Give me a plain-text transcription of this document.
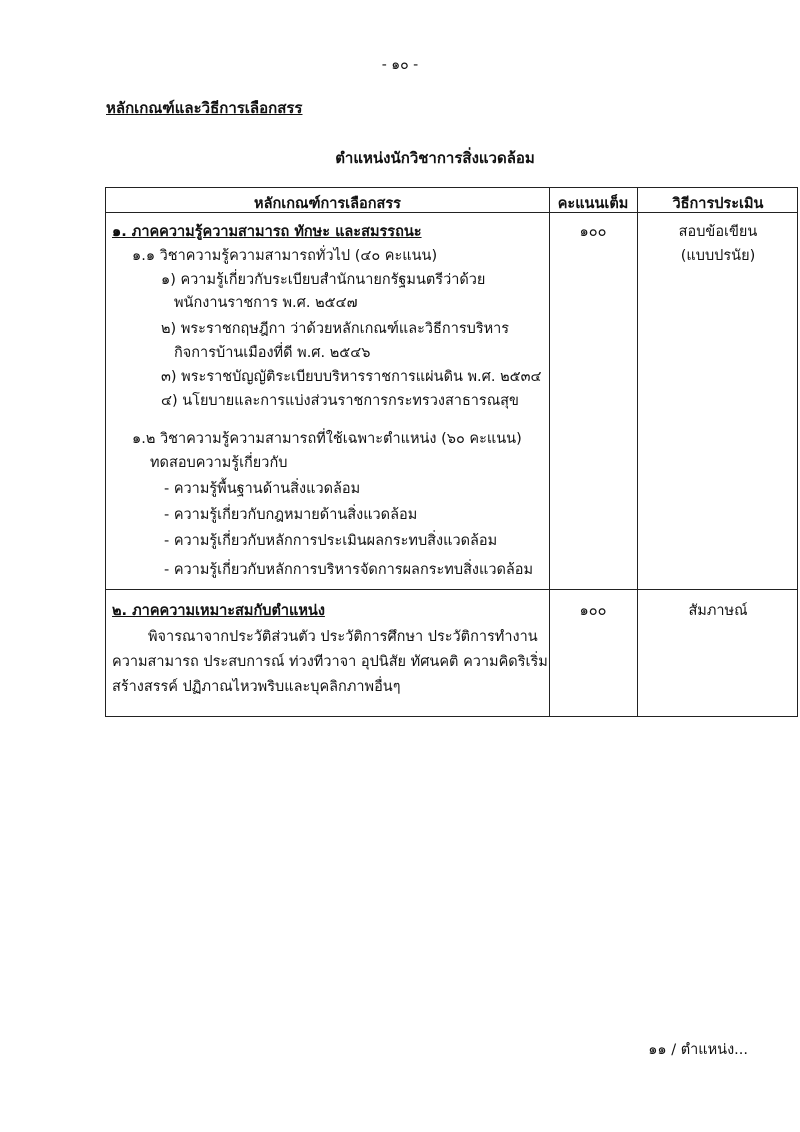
- ๑๐ -
หลักเกณฑ์และวิธีการเลือกสรร
ตำแหน่งนักวิชาการสิ่งแวดล้อม
หลักเกณฑ์การเลือกสรร	คะแนนเต็ม	วิธีการประเมิน
๑. ภาคความรู้ความสามารถ ทักษะ และสมรรถนะ	๑๐๐	สอบข้อเขียน
(แบบปรนัย)
๑.๑ วิชาความรู้ความสามารถทั่วไป (๔๐ คะแนน)
๑) ความรู้เกี่ยวกับระเบียบสำนักนายกรัฐมนตรีว่าด้วย
พนักงานราชการ พ.ศ. ๒๕๔๗
๒) พระราชกฤษฎีกา ว่าด้วยหลักเกณฑ์และวิธีการบริหาร
กิจการบ้านเมืองที่ดี พ.ศ. ๒๕๔๖
๓) พระราชบัญญัติระเบียบบริหารราชการแผ่นดิน พ.ศ. ๒๕๓๔
๔) นโยบายและการแบ่งส่วนราชการกระทรวงสาธารณสุข
๑.๒ วิชาความรู้ความสามารถที่ใช้เฉพาะตำแหน่ง (๖๐ คะแนน)
ทดสอบความรู้เกี่ยวกับ
- ความรู้พื้นฐานด้านสิ่งแวดล้อม
- ความรู้เกี่ยวกับกฎหมายด้านสิ่งแวดล้อม
- ความรู้เกี่ยวกับหลักการประเมินผลกระทบสิ่งแวดล้อม
- ความรู้เกี่ยวกับหลักการบริหารจัดการผลกระทบสิ่งแวดล้อม
๒. ภาคความเหมาะสมกับตำแหน่ง	๑๐๐	สัมภาษณ์
พิจารณาจากประวัติส่วนตัว ประวัติการศึกษา ประวัติการทำงาน
ความสามารถ ประสบการณ์ ท่วงทีวาจา อุปนิสัย ทัศนคติ ความคิดริเริ่ม
สร้างสรรค์ ปฏิภาณไหวพริบและบุคลิกภาพอื่นๆ
๑๑ / ตำแหน่ง...
